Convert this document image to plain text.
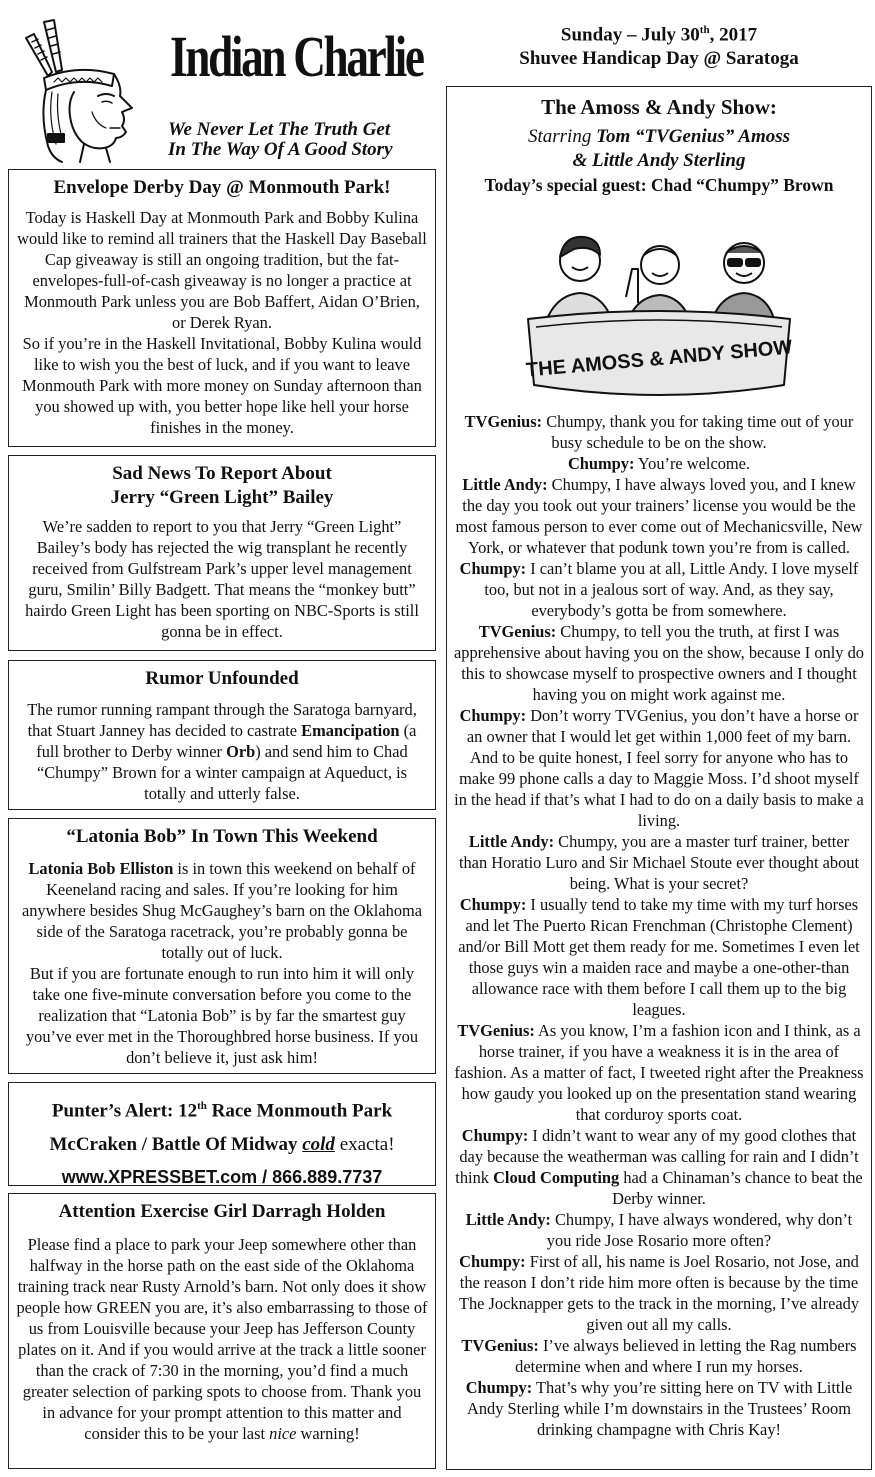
Indian Charlie
We Never Let The Truth Get
In The Way Of A Good Story
Sunday – July 30th, 2017
Shuvee Handicap Day @ Saratoga
Envelope Derby Day @ Monmouth Park!

Today is Haskell Day at Monmouth Park and Bobby Kulina would like to remind all trainers that the Haskell Day Baseball Cap giveaway is still an ongoing tradition, but the fat-envelopes-full-of-cash giveaway is no longer a practice at Monmouth Park unless you are Bob Baffert, Aidan O’Brien, or Derek Ryan.

So if you’re in the Haskell Invitational, Bobby Kulina would like to wish you the best of luck, and if you want to leave Monmouth Park with more money on Sunday afternoon than you showed up with, you better hope like hell your horse finishes in the money.

Sad News To Report About
Jerry “Green Light” Bailey

We’re sadden to report to you that Jerry “Green Light” Bailey’s body has rejected the wig transplant he recently received from Gulfstream Park’s upper level management guru, Smilin’ Billy Badgett. That means the “monkey butt” hairdo Green Light has been sporting on NBC-Sports is still gonna be in effect.

Rumor Unfounded

The rumor running rampant through the Saratoga barnyard, that Stuart Janney has decided to castrate Emancipation (a full brother to Derby winner Orb) and send him to Chad “Chumpy” Brown for a winter campaign at Aqueduct, is totally and utterly false.

“Latonia Bob” In Town This Weekend

Latonia Bob Elliston is in town this weekend on behalf of Keeneland racing and sales. If you’re looking for him anywhere besides Shug McGaughey’s barn on the Oklahoma side of the Saratoga racetrack, you’re probably gonna be totally out of luck.

But if you are fortunate enough to run into him it will only take one five-minute conversation before you come to the realization that “Latonia Bob” is by far the smartest guy you’ve ever met in the Thoroughbred horse business. If you don’t believe it, just ask him!

Punter’s Alert: 12th Race Monmouth Park
McCraken / Battle Of Midway cold exacta!
www.XPRESSBET.com / 866.889.7737
Attention Exercise Girl Darragh Holden

Please find a place to park your Jeep somewhere other than halfway in the horse path on the east side of the Oklahoma training track near Rusty Arnold’s barn. Not only does it show people how GREEN you are, it’s also embarrassing to those of us from Louisville because your Jeep has Jefferson County plates on it. And if you would arrive at the track a little sooner than the crack of 7:30 in the morning, you’d find a much greater selection of parking spots to choose from. Thank you in advance for your prompt attention to this matter and consider this to be your last nice warning!

The Amoss & Andy Show:
Starring Tom “TVGenius” Amoss
& Little Andy Sterling
Today’s special guest: Chad “Chumpy” Brown
THE AMOSS & ANDY SHOW

TVGenius: Chumpy, thank you for taking time out of your busy schedule to be on the show.

Chumpy: You’re welcome.

Little Andy: Chumpy, I have always loved you, and I knew the day you took out your trainers’ license you would be the most famous person to ever come out of Mechanicsville, New York, or whatever that podunk town you’re from is called.

Chumpy: I can’t blame you at all, Little Andy. I love myself too, but not in a jealous sort of way. And, as they say, everybody’s gotta be from somewhere.

TVGenius: Chumpy, to tell you the truth, at first I was apprehensive about having you on the show, because I only do this to showcase myself to prospective owners and I thought having you on might work against me.

Chumpy: Don’t worry TVGenius, you don’t have a horse or an owner that I would let get within 1,000 feet of my barn. And to be quite honest, I feel sorry for anyone who has to make 99 phone calls a day to Maggie Moss. I’d shoot myself in the head if that’s what I had to do on a daily basis to make a living.

Little Andy: Chumpy, you are a master turf trainer, better than Horatio Luro and Sir Michael Stoute ever thought about being. What is your secret?

Chumpy: I usually tend to take my time with my turf horses and let The Puerto Rican Frenchman (Christophe Clement) and/or Bill Mott get them ready for me. Sometimes I even let those guys win a maiden race and maybe a one-other-than allowance race with them before I call them up to the big leagues.

TVGenius: As you know, I’m a fashion icon and I think, as a horse trainer, if you have a weakness it is in the area of fashion. As a matter of fact, I tweeted right after the Preakness how gaudy you looked up on the presentation stand wearing that corduroy sports coat.

Chumpy: I didn’t want to wear any of my good clothes that day because the weatherman was calling for rain and I didn’t think Cloud Computing had a Chinaman’s chance to beat the Derby winner.

Little Andy: Chumpy, I have always wondered, why don’t you ride Jose Rosario more often?

Chumpy: First of all, his name is Joel Rosario, not Jose, and the reason I don’t ride him more often is because by the time The Jocknapper gets to the track in the morning, I’ve already given out all my calls.

TVGenius: I’ve always believed in letting the Rag numbers determine when and where I run my horses.

Chumpy: That’s why you’re sitting here on TV with Little Andy Sterling while I’m downstairs in the Trustees’ Room drinking champagne with Chris Kay!
